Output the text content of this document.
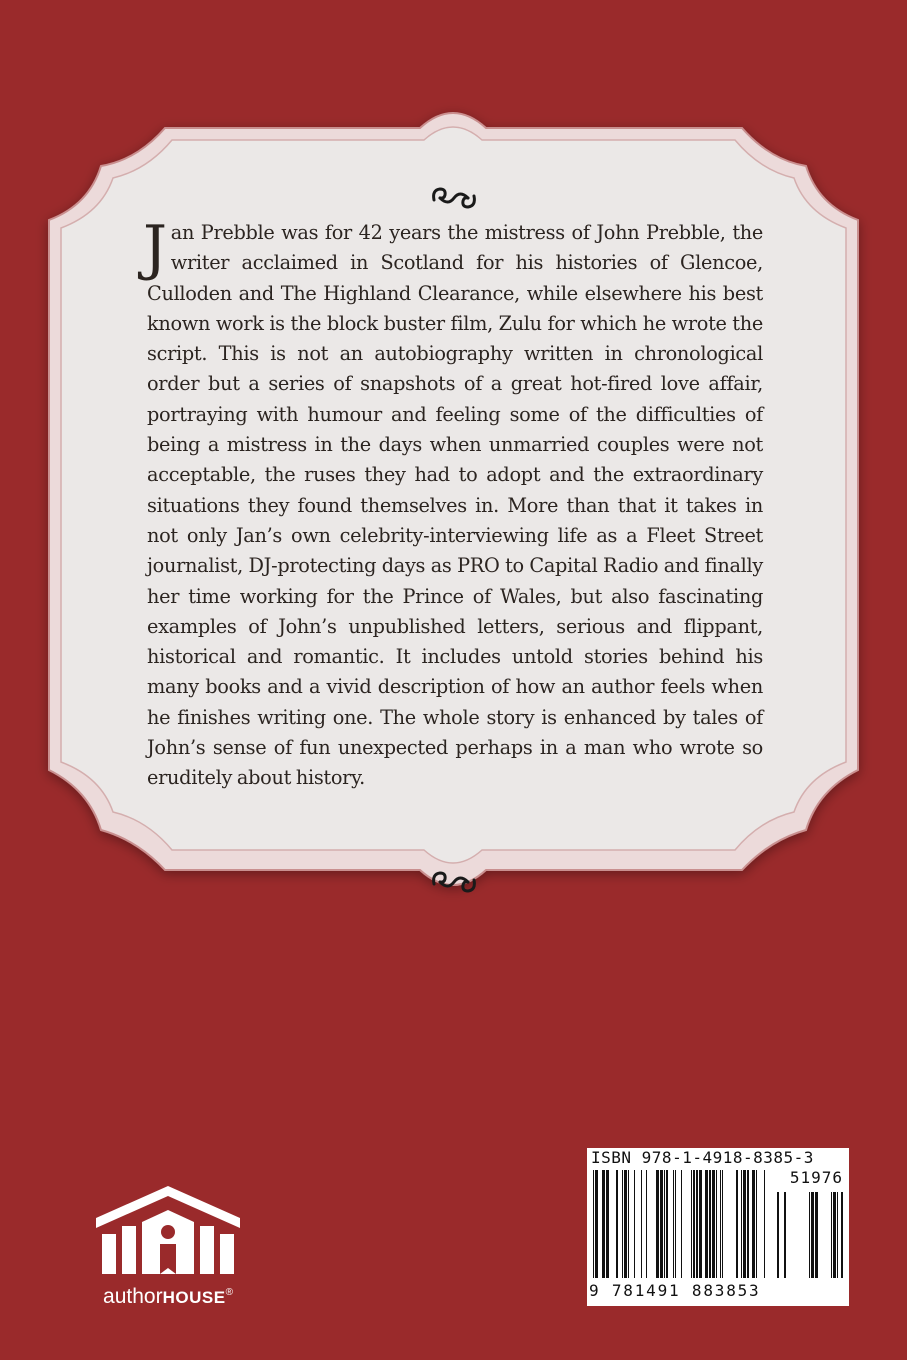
Jan Prebble was for 42 years the mistress of John Prebble, the writer acclaimed in Scotland for his histories of Glencoe, Culloden and The Highland Clearance, while elsewhere his best known work is the block buster film, Zulu for which he wrote the script. This is not an autobiography written in chronological order but a series of snapshots of a great hot-fired love affair, portraying with humour and feeling some of the difficulties of being a mistress in the days when unmarried couples were not acceptable, the ruses they had to adopt and the extraordinary situations they found themselves in. More than that it takes in not only Jan’s own celebrity-interviewing life as a Fleet Street journalist, DJ-protecting days as PRO to Capital Radio and finally her time working for the Prince of Wales, but also fascinating examples of John’s unpublished letters, serious and flippant, historical and romantic. It includes untold stories behind his many books and a vivid description of how an author feels when he finishes writing one. The whole story is enhanced by tales of John’s sense of fun unexpected perhaps in a man who wrote so eruditely about history.

authorHOUSE®
ISBN 978-1-4918-8385-3
51976
9 781491 883853
